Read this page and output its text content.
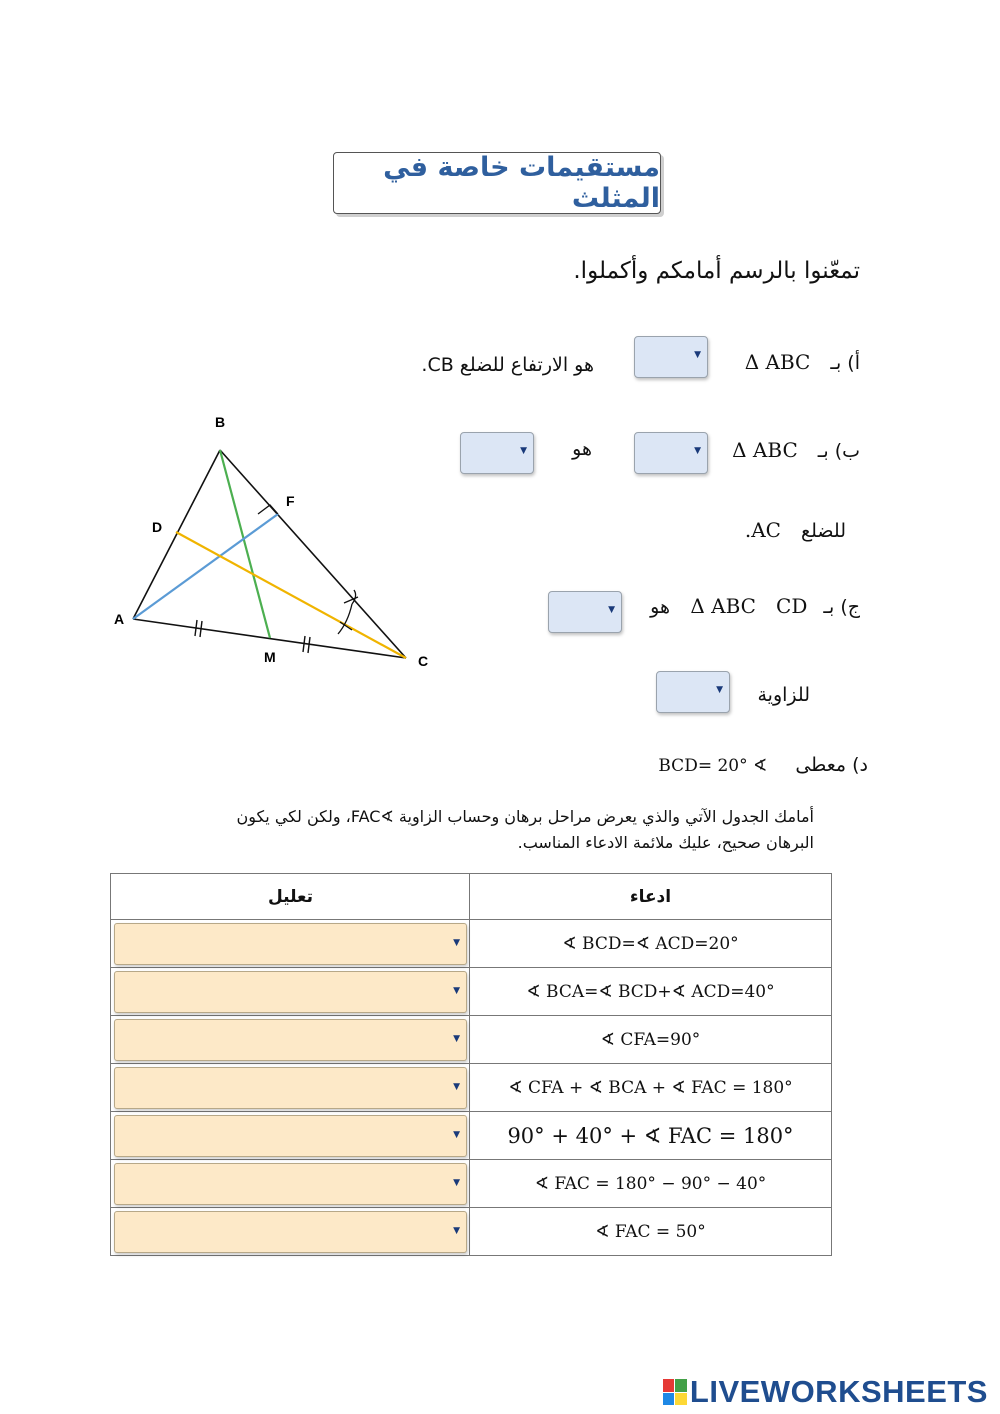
مستقيمات خاصة في المثلث
تمعّنوا بالرسم أمامكم وأكملوا.
أ) بـ Δ ABC
▼
هو الارتفاع للضلع CB.
ب) بـ Δ ABC
▼
هو
▼
للضلع AC.
ج) بـ Δ ABC CD
هو
▼
للزاوية
▼
د) معطى ∢ BCD= 20°
B
F
D
A
M	C
أمامك الجدول الآتي والذي يعرض مراحل برهان وحساب الزاوية ∢FAC، ولكن لكي يكون
البرهان صحيح، عليك ملائمة الادعاء المناسب.
تعليل	ادعاء

▼	∢ BCD=∢ ACD=20°

▼	∢ BCA=∢ BCD+∢ ACD=40°

▼	∢ CFA=90°

▼	∢ CFA + ∢ BCA + ∢ FAC = 180°

▼	90° + 40° + ∢ FAC = 180°

▼	∢ FAC = 180° − 90° − 40°

▼	∢ FAC = 50°
LIVEWORKSHEETS
